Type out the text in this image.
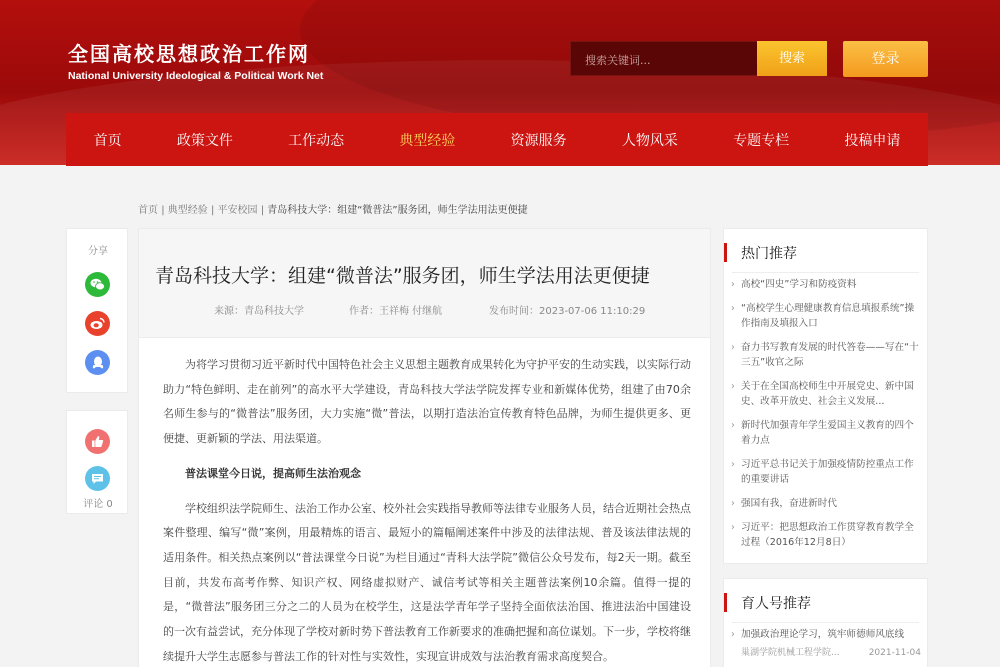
全国高校思想政治工作网
National University Ideological & Political Work Net
搜索关键词...	搜索	登录
首页	政策文件	工作动态	典型经验	资源服务	人物风采	专题专栏	投稿申请
首页 | 典型经验 | 平安校园 | 青岛科技大学：组建“微普法”服务团，师生学法用法更便捷
分享
评论 0
青岛科技大学：组建“微普法”服务团，师生学法用法更便捷
来源：青岛科技大学	作者：王祥梅 付继航	发布时间：2023-07-06 11:10:29

为将学习贯彻习近平新时代中国特色社会主义思想主题教育成果转化为守护平安的生动实践，以实际行动助力“特色鲜明、走在前列”的高水平大学建设，青岛科技大学法学院发挥专业和新媒体优势，组建了由70余名师生参与的“微普法”服务团，大力实施“微”普法，以期打造法治宣传教育特色品牌，为师生提供更多、更便捷、更新颖的学法、用法渠道。

普法课堂今日说，提高师生法治观念

学校组织法学院师生、法治工作办公室、校外社会实践指导教师等法律专业服务人员，结合近期社会热点案件整理、编写“微”案例，用最精炼的语言、最短小的篇幅阐述案件中涉及的法律法规、普及该法律法规的适用条件。相关热点案例以“普法课堂今日说”为栏目通过“青科大法学院”微信公众号发布，每2天一期。截至目前，共发布高考作弊、知识产权、网络虚拟财产、诚信考试等相关主题普法案例10余篇。值得一提的是，“微普法”服务团三分之二的人员为在校学生，这是法学青年学子坚持全面依法治国、推进法治中国建设的一次有益尝试，充分体现了学校对新时势下普法教育工作新要求的准确把握和高位谋划。下一步，学校将继续提升大学生志愿参与普法工作的针对性与实效性，实现宣讲成效与法治教育需求高度契合。

热门推荐
› 高校“四史”学习和防疫资料
› “高校学生心理健康教育信息填报系统”操作指南及填报入口
› 奋力书写教育发展的时代答卷——写在“十三五”收官之际
› 关于在全国高校师生中开展党史、新中国史、改革开放史、社会主义发展...
› 新时代加强青年学生爱国主义教育的四个着力点
› 习近平总书记关于加强疫情防控重点工作的重要讲话
› 强国有我，奋进新时代
› 习近平：把思想政治工作贯穿教育教学全过程（2016年12月8日）
育人号推荐
› 加强政治理论学习，筑牢师德师风底线
巢湖学院机械工程学院...	2021-11-04
